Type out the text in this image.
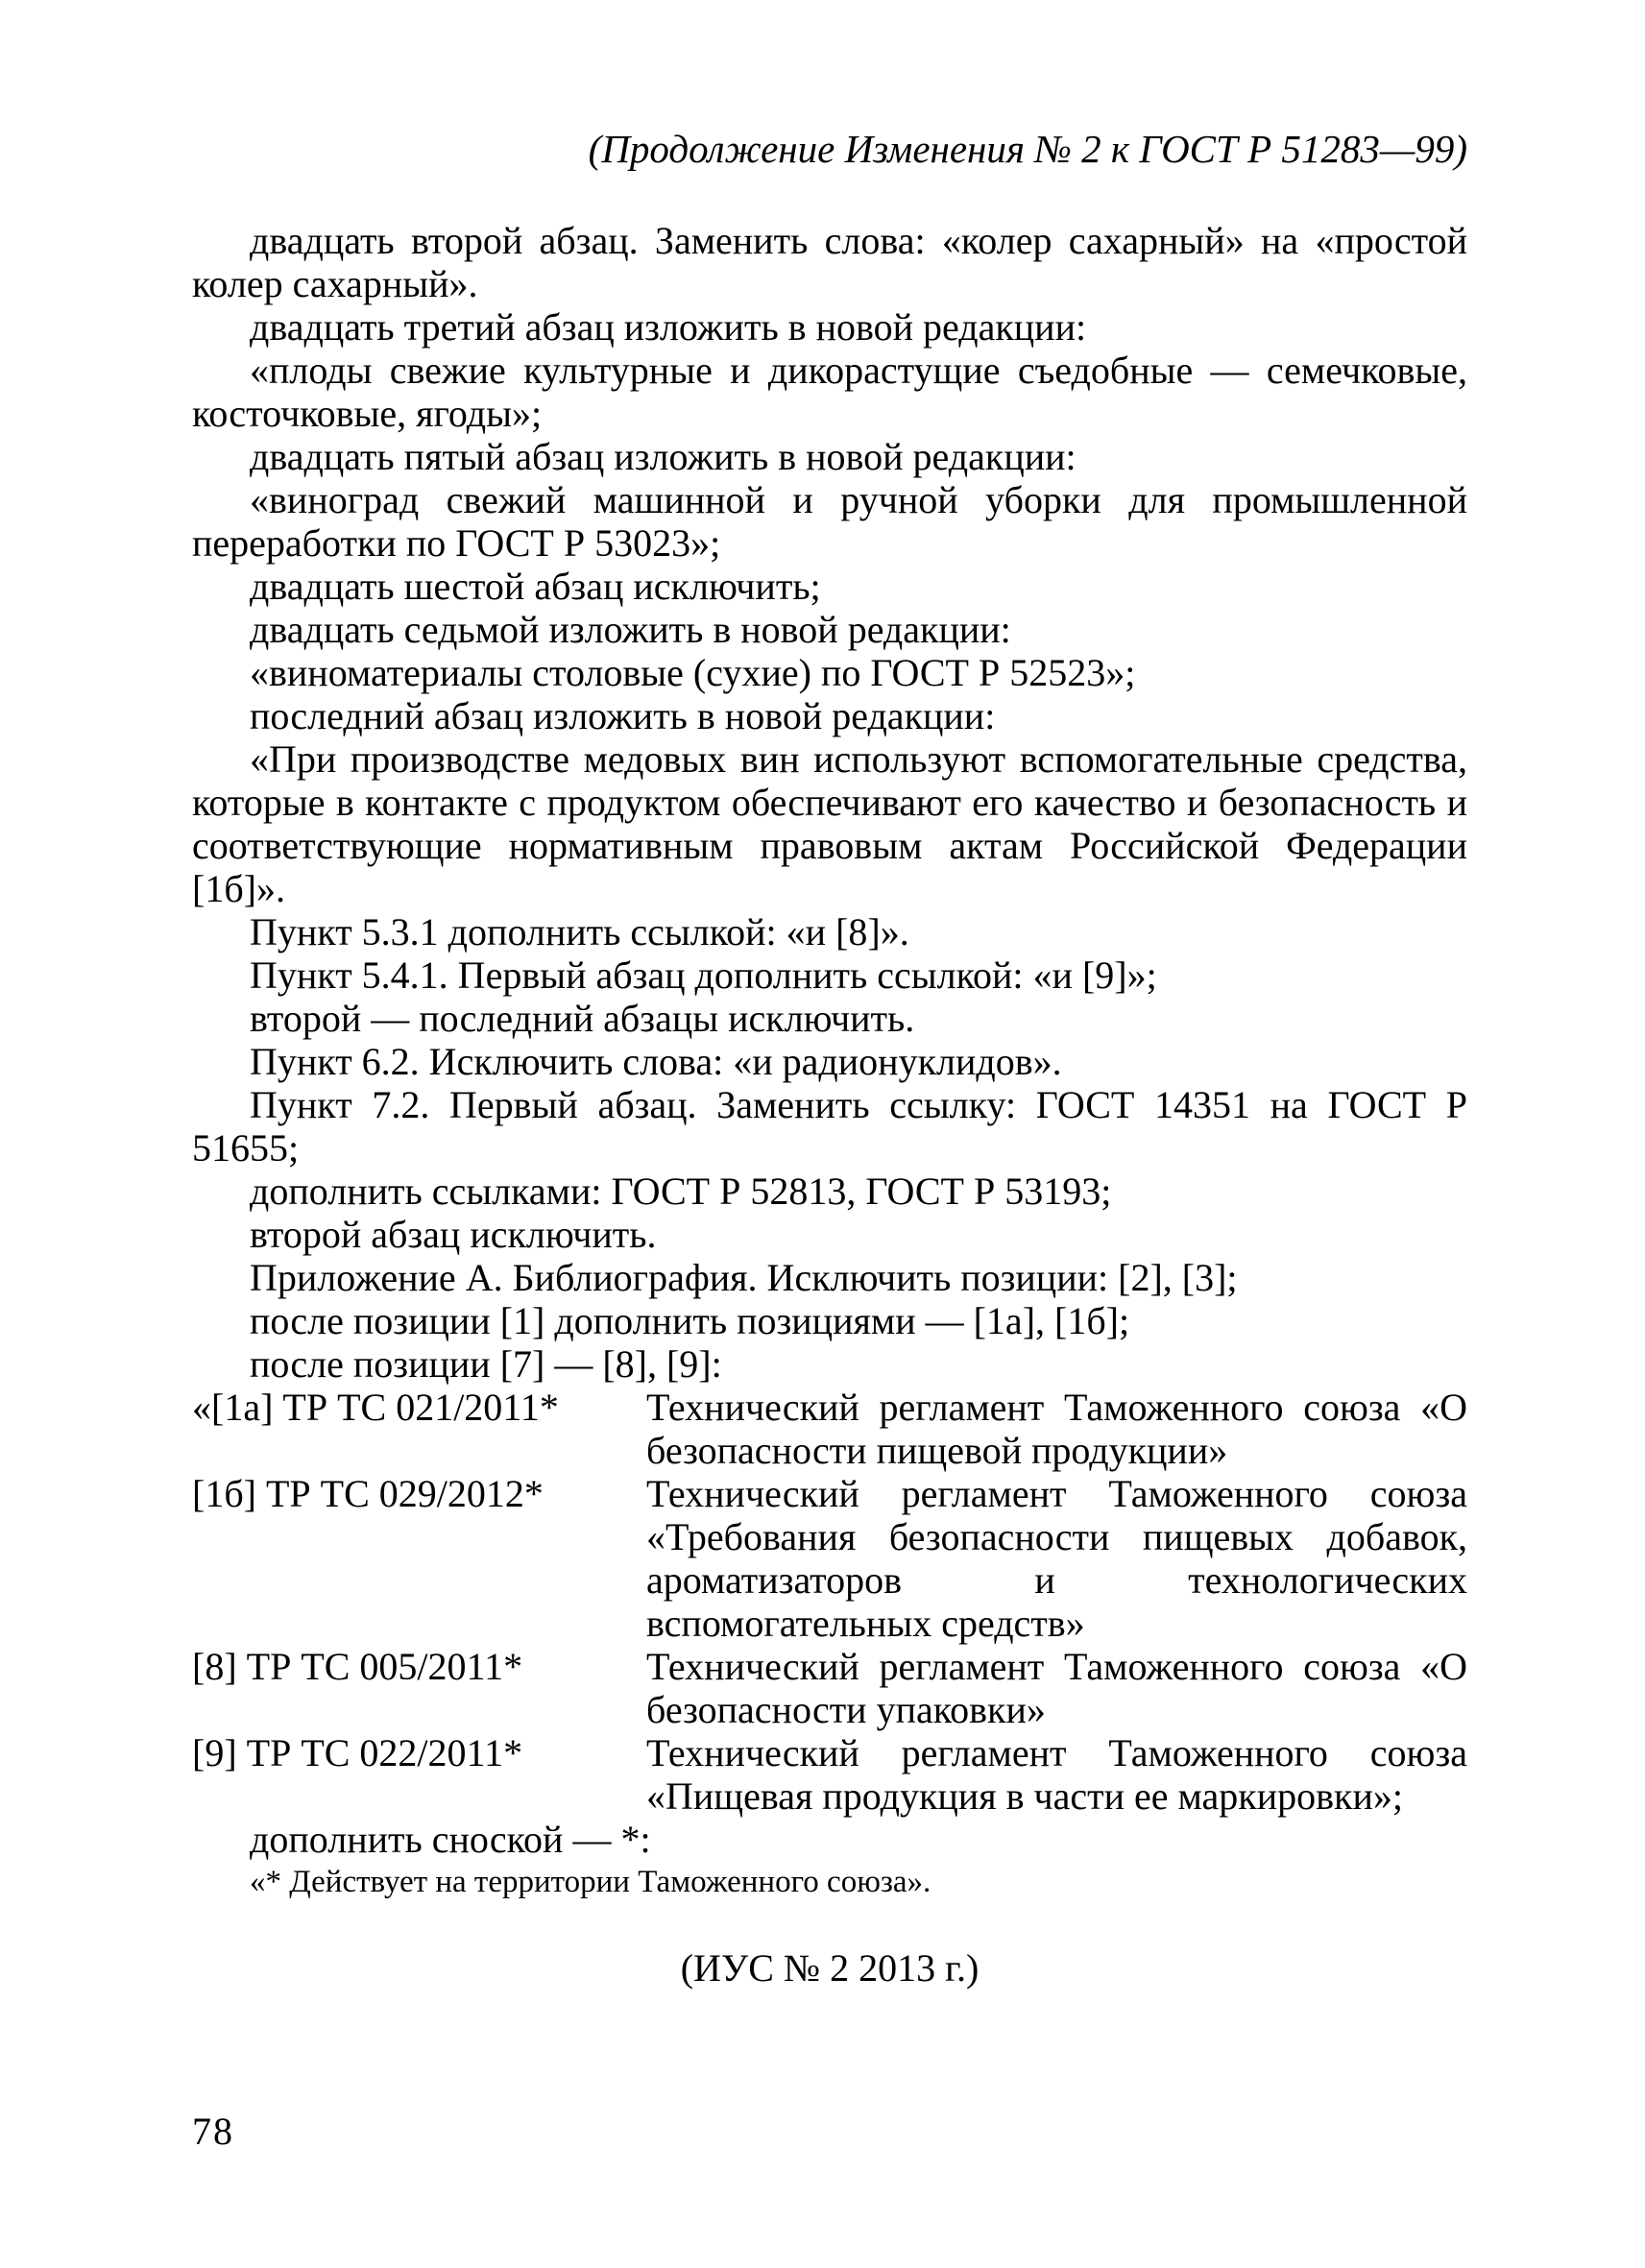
(Продолжение Изменения № 2 к ГОСТ Р 51283—99)

двадцать второй абзац. Заменить слова: «колер сахарный» на «простой колер сахарный».

двадцать третий абзац изложить в новой редакции:

«плоды свежие культурные и дикорастущие съедобные — семечковые, косточковые, ягоды»;

двадцать пятый абзац изложить в новой редакции:

«виноград свежий машинной и ручной уборки для промышленной переработки по ГОСТ Р 53023»;

двадцать шестой абзац исключить;

двадцать седьмой изложить в новой редакции:

«виноматериалы столовые (сухие) по ГОСТ Р 52523»;

последний абзац изложить в новой редакции:

«При производстве медовых вин используют вспомогательные средства, которые в контакте с продуктом обеспечивают его качество и безопасность и соответствующие нормативным правовым актам Российской Федерации [1б]».

Пункт 5.3.1 дополнить ссылкой: «и [8]».

Пункт 5.4.1. Первый абзац дополнить ссылкой: «и [9]»;

второй — последний абзацы исключить.

Пункт 6.2. Исключить слова: «и радионуклидов».

Пункт 7.2. Первый абзац. Заменить ссылку: ГОСТ 14351 на ГОСТ Р 51655;

дополнить ссылками: ГОСТ Р 52813, ГОСТ Р 53193;

второй абзац исключить.

Приложение А. Библиография. Исключить позиции: [2], [3];

после позиции [1] дополнить позициями — [1а], [1б];

после позиции [7] — [8], [9]:

«[1а] ТР ТС 021/2011*	Технический регламент Таможенного союза «О безопасности пищевой продукции»
[1б] ТР ТС 029/2012*	Технический регламент Таможенного союза «Требования безопасности пищевых добавок, ароматизаторов и технологических вспомогательных средств»
[8] ТР ТС 005/2011*	Технический регламент Таможенного союза «О безопасности упаковки»
[9] ТР ТС 022/2011*	Технический регламент Таможенного союза «Пищевая продукция в части ее маркировки»;

дополнить сноской — *:

«* Действует на территории Таможенного союза».

(ИУС № 2 2013 г.)
78
